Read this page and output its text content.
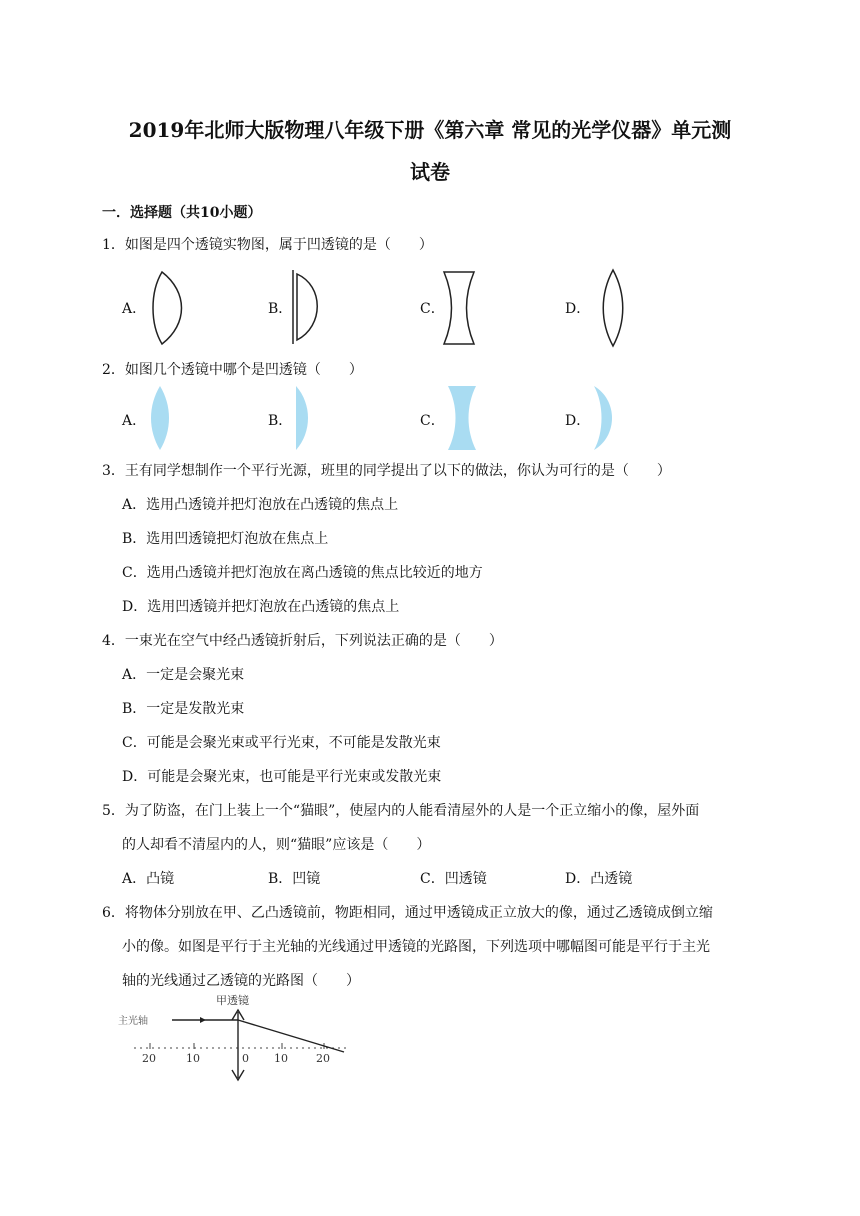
2019年北师大版物理八年级下册《第六章 常见的光学仪器》单元测
试卷
一．选择题（共10小题）
1．如图是四个透镜实物图，属于凹透镜的是（　　）
A．	B．	C．	D．
2．如图几个透镜中哪个是凹透镜（　　）
A．	B．	C．	D．
3．王有同学想制作一个平行光源，班里的同学提出了以下的做法，你认为可行的是（　　）
A．选用凸透镜并把灯泡放在凸透镜的焦点上
B．选用凹透镜把灯泡放在焦点上
C．选用凸透镜并把灯泡放在离凸透镜的焦点比较近的地方
D．选用凹透镜并把灯泡放在凸透镜的焦点上
4．一束光在空气中经凸透镜折射后，下列说法正确的是（　　）
A．一定是会聚光束
B．一定是发散光束
C．可能是会聚光束或平行光束，不可能是发散光束
D．可能是会聚光束，也可能是平行光束或发散光束
5．为了防盗，在门上装上一个“猫眼”，使屋内的人能看清屋外的人是一个正立缩小的像，屋外面
的人却看不清屋内的人，则“猫眼”应该是（　　）
A．凸镜	B．凹镜	C．凹透镜	D．凸透镜
6．将物体分别放在甲、乙凸透镜前，物距相同，通过甲透镜成正立放大的像，通过乙透镜成倒立缩
小的像。如图是平行于主光轴的光线通过甲透镜的光路图，下列选项中哪幅图可能是平行于主光
轴的光线通过乙透镜的光路图（　　）
甲透镜
主光轴
20	10	0 10	20
